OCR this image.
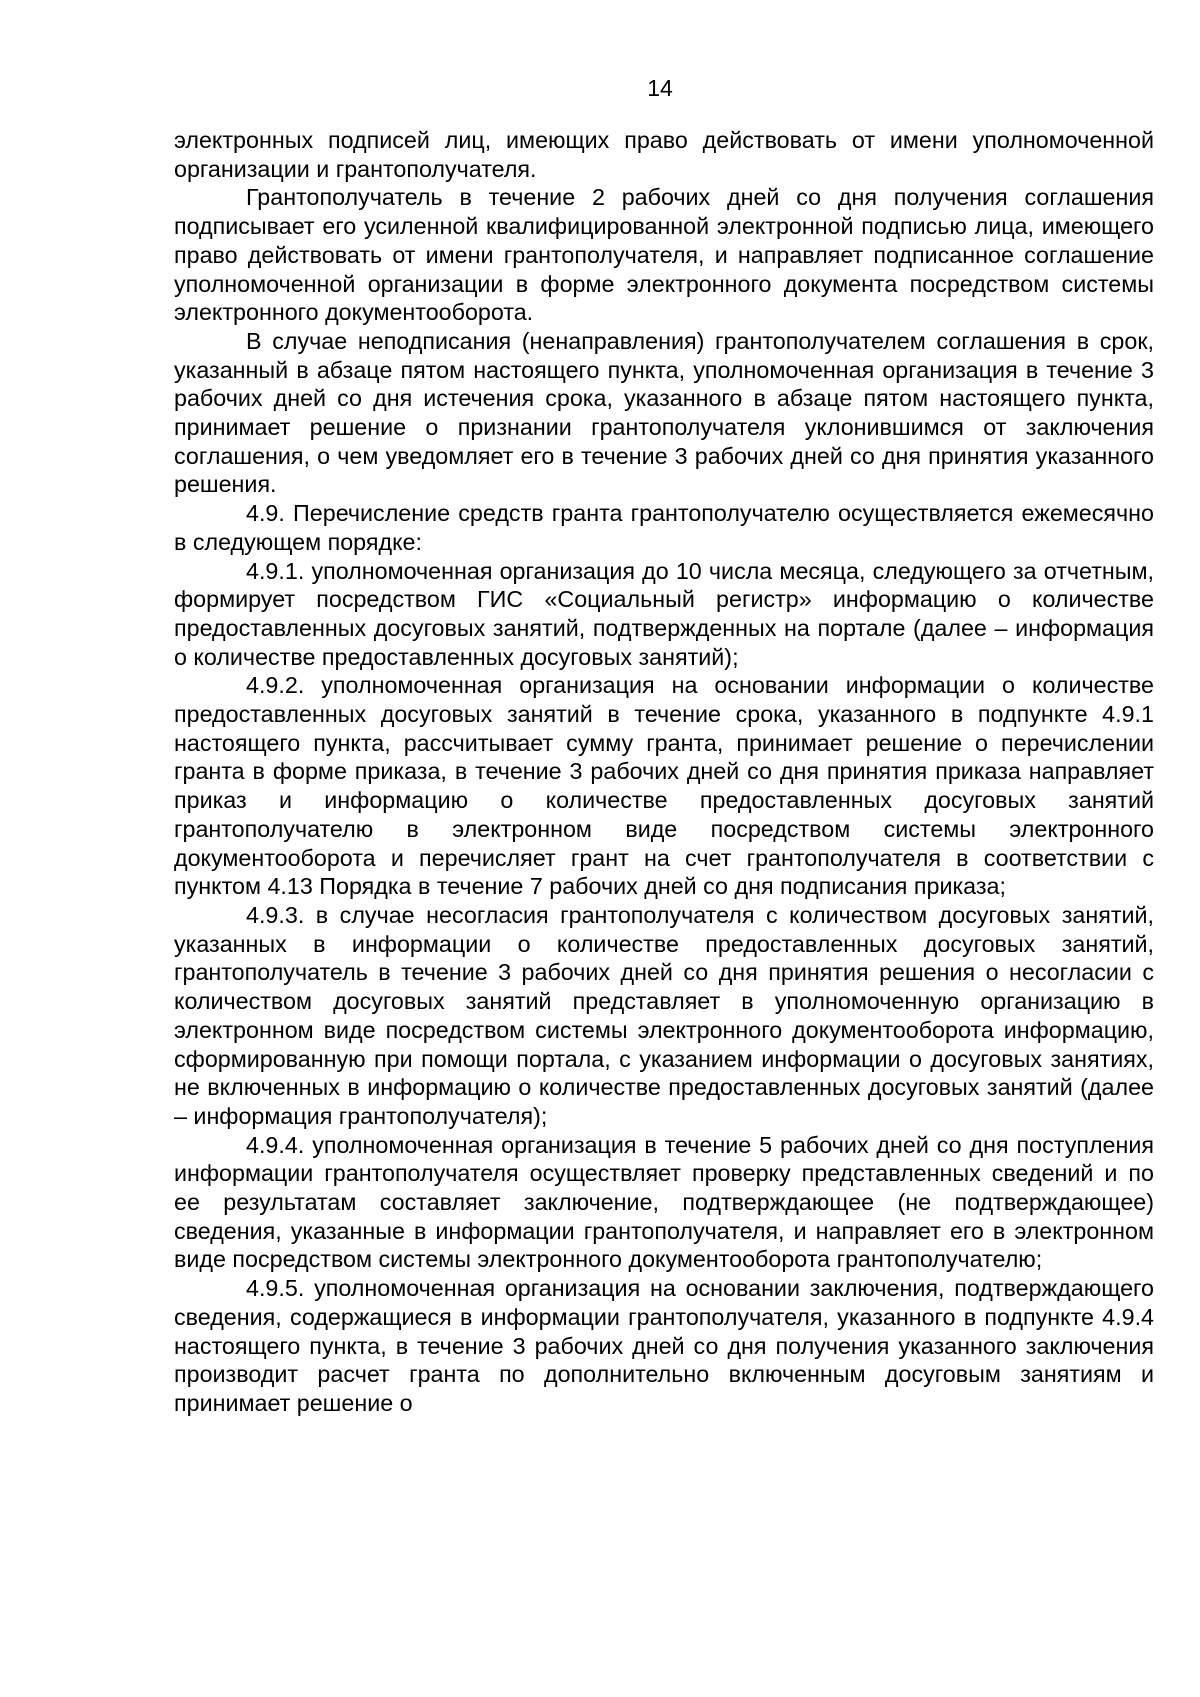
14

электронных подписей лиц, имеющих право действовать от имени уполномоченной организации и грантополучателя.

Грантополучатель в течение 2 рабочих дней со дня получения соглашения подписывает его усиленной квалифицированной электронной подписью лица, имеющего право действовать от имени грантополучателя, и направляет подписанное соглашение уполномоченной организации в форме электронного документа посредством системы электронного документооборота.

В случае неподписания (ненаправления) грантополучателем соглашения в срок, указанный в абзаце пятом настоящего пункта, уполномоченная организация в течение 3 рабочих дней со дня истечения срока, указанного в абзаце пятом настоящего пункта, принимает решение о признании грантополучателя уклонившимся от заключения соглашения, о чем уведомляет его в течение 3 рабочих дней со дня принятия указанного решения.

4.9. Перечисление средств гранта грантополучателю осуществляется ежемесячно в следующем порядке:

4.9.1. уполномоченная организация до 10 числа месяца, следующего за отчетным, формирует посредством ГИС «Социальный регистр» информацию о количестве предоставленных досуговых занятий, подтвержденных на портале (далее – информация о количестве предоставленных досуговых занятий);

4.9.2. уполномоченная организация на основании информации о количестве предоставленных досуговых занятий в течение срока, указанного в подпункте 4.9.1 настоящего пункта, рассчитывает сумму гранта, принимает решение о перечислении гранта в форме приказа, в течение 3 рабочих дней со дня принятия приказа направляет приказ и информацию о количестве предоставленных досуговых занятий грантополучателю в электронном виде посредством системы электронного документооборота и перечисляет грант на счет грантополучателя в соответствии с пунктом 4.13 Порядка в течение 7 рабочих дней со дня подписания приказа;

4.9.3. в случае несогласия грантополучателя с количеством досуговых занятий, указанных в информации о количестве предоставленных досуговых занятий, грантополучатель в течение 3 рабочих дней со дня принятия решения о несогласии с количеством досуговых занятий представляет в уполномоченную организацию в электронном виде посредством системы электронного документооборота информацию, сформированную при помощи портала, с указанием информации о досуговых занятиях, не включенных в информацию о количестве предоставленных досуговых занятий (далее – информация грантополучателя);

4.9.4. уполномоченная организация в течение 5 рабочих дней со дня поступления информации грантополучателя осуществляет проверку представленных сведений и по ее результатам составляет заключение, подтверждающее (не подтверждающее) сведения, указанные в информации грантополучателя, и направляет его в электронном виде посредством системы электронного документооборота грантополучателю;

4.9.5. уполномоченная организация на основании заключения, подтверждающего сведения, содержащиеся в информации грантополучателя, указанного в подпункте 4.9.4 настоящего пункта, в течение 3 рабочих дней со дня получения указанного заключения производит расчет гранта по дополнительно включенным досуговым занятиям и принимает решение о
